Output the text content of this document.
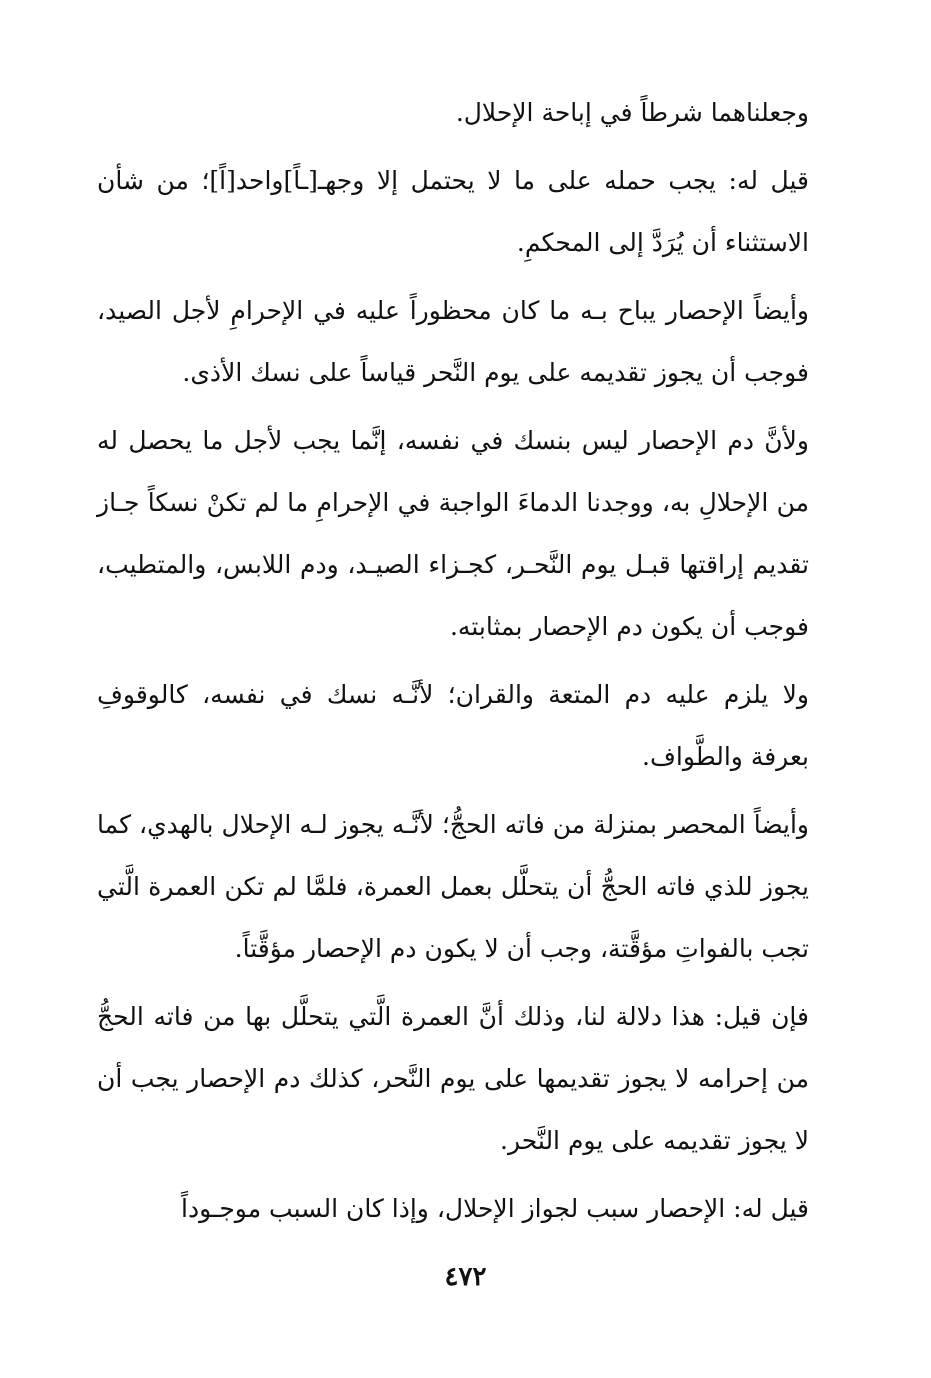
وجعلناهما شرطاً في إباحة الإحلال.

قيل له: يجب حمله على ما لا يحتمل إلا وجهـ[ـاً]واحد[اً]؛ من شأن الاستثناء أن يُرَدَّ إلى المحكمِ.

وأيضاً الإحصار يباح بـه ما كان محظوراً عليه في الإحرامِ لأجل الصيد، فوجب أن يجوز تقديمه على يوم النَّحر قياساً على نسك الأذى.

ولأنَّ دم الإحصار ليس بنسك في نفسه، إنَّما يجب لأجل ما يحصل له من الإحلالِ به، ووجدنا الدماءَ الواجبة في الإحرامِ ما لم تكنْ نسكاً جـاز تقديم إراقتها قبـل يوم النَّحـر، كجـزاء الصيـد، ودم اللابس، والمتطيب، فوجب أن يكون دم الإحصار بمثابته.

ولا يلزم عليه دم المتعة والقران؛ لأنَّـه نسك في نفسه، كالوقوفِ بعرفة والطَّواف.

وأيضاً المحصر بمنزلة من فاته الحجُّ؛ لأنَّـه يجوز لـه الإحلال بالهدي، كما يجوز للذي فاته الحجُّ أن يتحلَّل بعمل العمرة، فلمَّا لم تكن العمرة الَّتي تجب بالفواتِ مؤقَّتة، وجب أن لا يكون دم الإحصار مؤقَّتاً.

فإن قيل: هذا دلالة لنا، وذلك أنَّ العمرة الَّتي يتحلَّل بها من فاته الحجُّ من إحرامه لا يجوز تقديمها على يوم النَّحر، كذلك دم الإحصار يجب أن لا يجوز تقديمه على يوم النَّحر.

قيل له: الإحصار سبب لجواز الإحلال، وإذا كان السبب موجـوداً

٤٧٢
